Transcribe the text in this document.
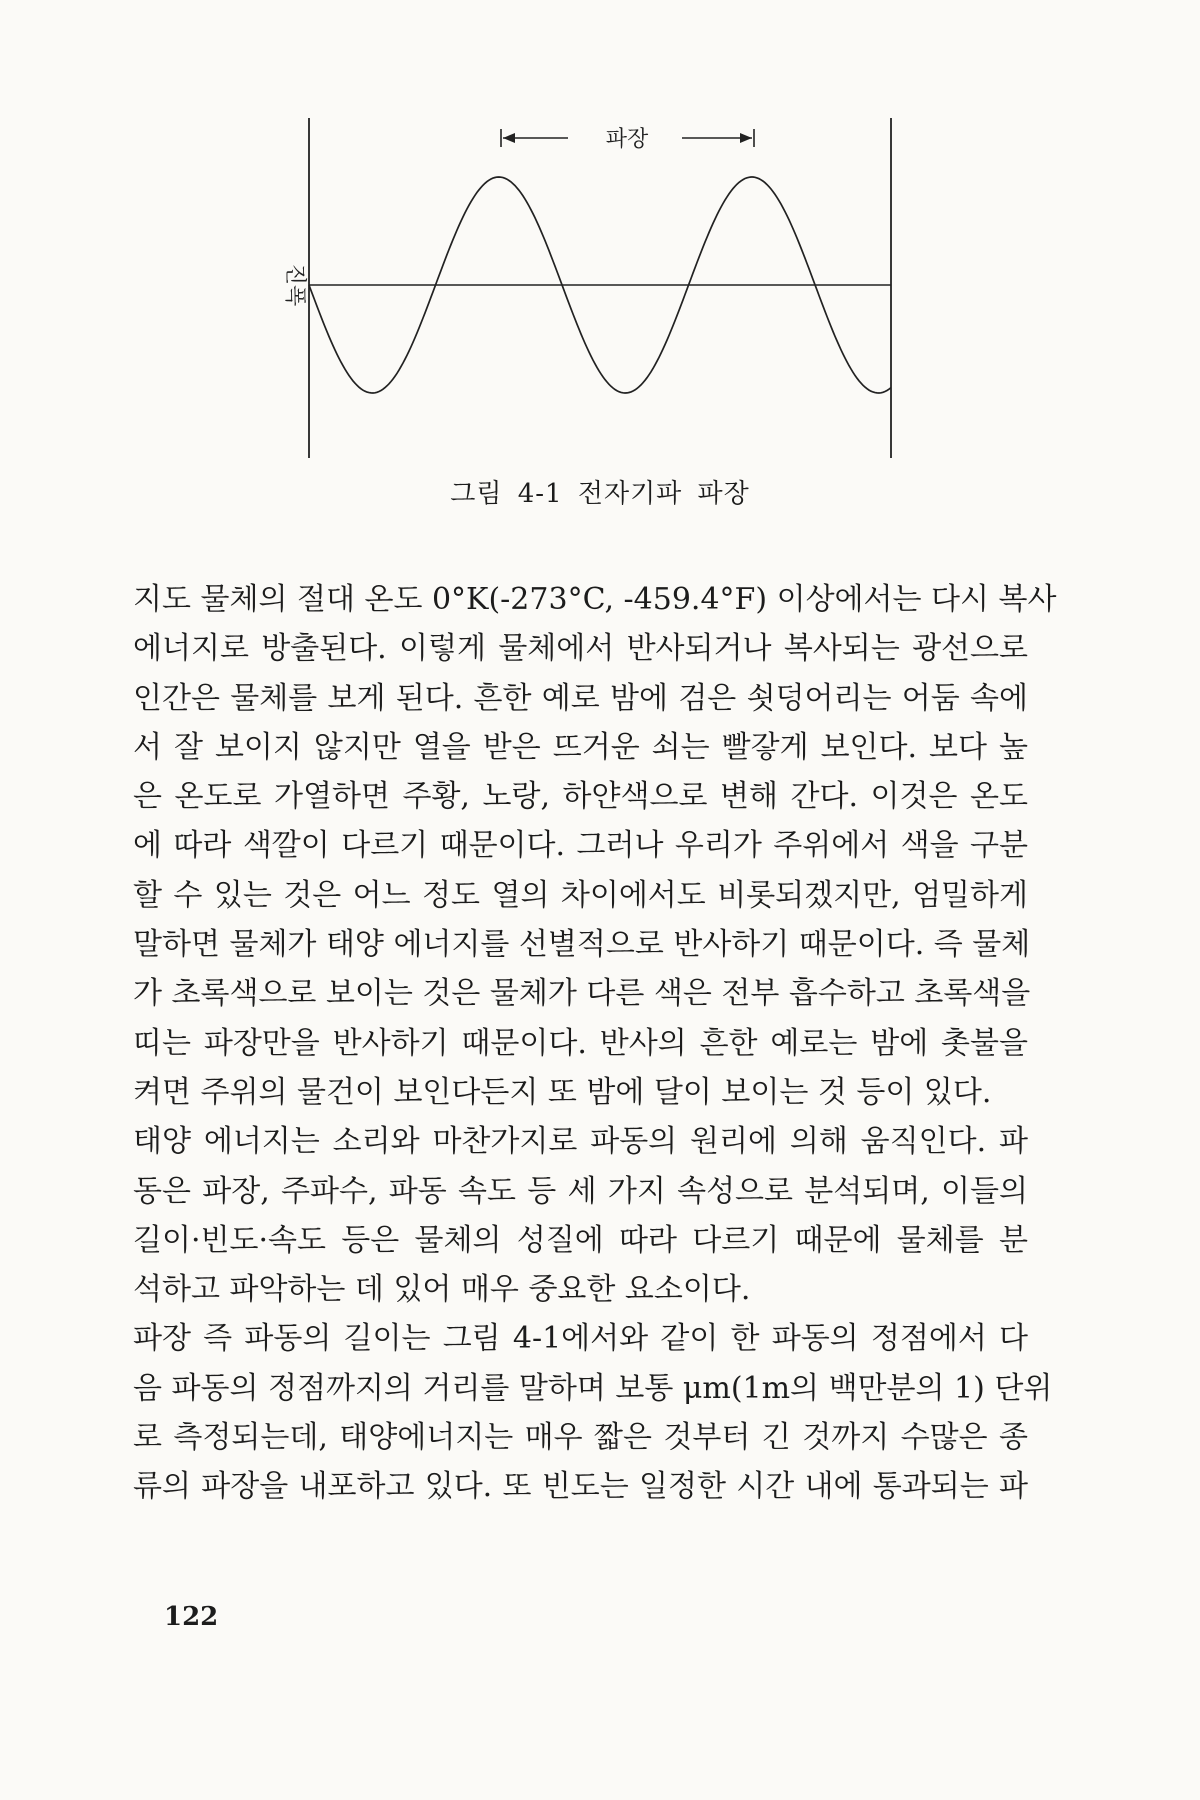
파장
진폭
그림 4-1 전자기파 파장
지도 물체의 절대 온도 0°K(-273°C, -459.4°F) 이상에서는 다시 복사
에너지로 방출된다. 이렇게 물체에서 반사되거나 복사되는 광선으로
인간은 물체를 보게 된다. 흔한 예로 밤에 검은 쇳덩어리는 어둠 속에
서 잘 보이지 않지만 열을 받은 뜨거운 쇠는 빨갛게 보인다. 보다 높
은 온도로 가열하면 주황, 노랑, 하얀색으로 변해 간다. 이것은 온도
에 따라 색깔이 다르기 때문이다. 그러나 우리가 주위에서 색을 구분
할 수 있는 것은 어느 정도 열의 차이에서도 비롯되겠지만, 엄밀하게
말하면 물체가 태양 에너지를 선별적으로 반사하기 때문이다. 즉 물체
가 초록색으로 보이는 것은 물체가 다른 색은 전부 흡수하고 초록색을
띠는 파장만을 반사하기 때문이다. 반사의 흔한 예로는 밤에 촛불을
켜면 주위의 물건이 보인다든지 또 밤에 달이 보이는 것 등이 있다.
태양 에너지는 소리와 마찬가지로 파동의 원리에 의해 움직인다. 파
동은 파장, 주파수, 파동 속도 등 세 가지 속성으로 분석되며, 이들의
길이·빈도·속도 등은 물체의 성질에 따라 다르기 때문에 물체를 분
석하고 파악하는 데 있어 매우 중요한 요소이다.
파장 즉 파동의 길이는 그림 4-1에서와 같이 한 파동의 정점에서 다
음 파동의 정점까지의 거리를 말하며 보통 μm(1m의 백만분의 1) 단위
로 측정되는데, 태양에너지는 매우 짧은 것부터 긴 것까지 수많은 종
류의 파장을 내포하고 있다. 또 빈도는 일정한 시간 내에 통과되는 파
122
